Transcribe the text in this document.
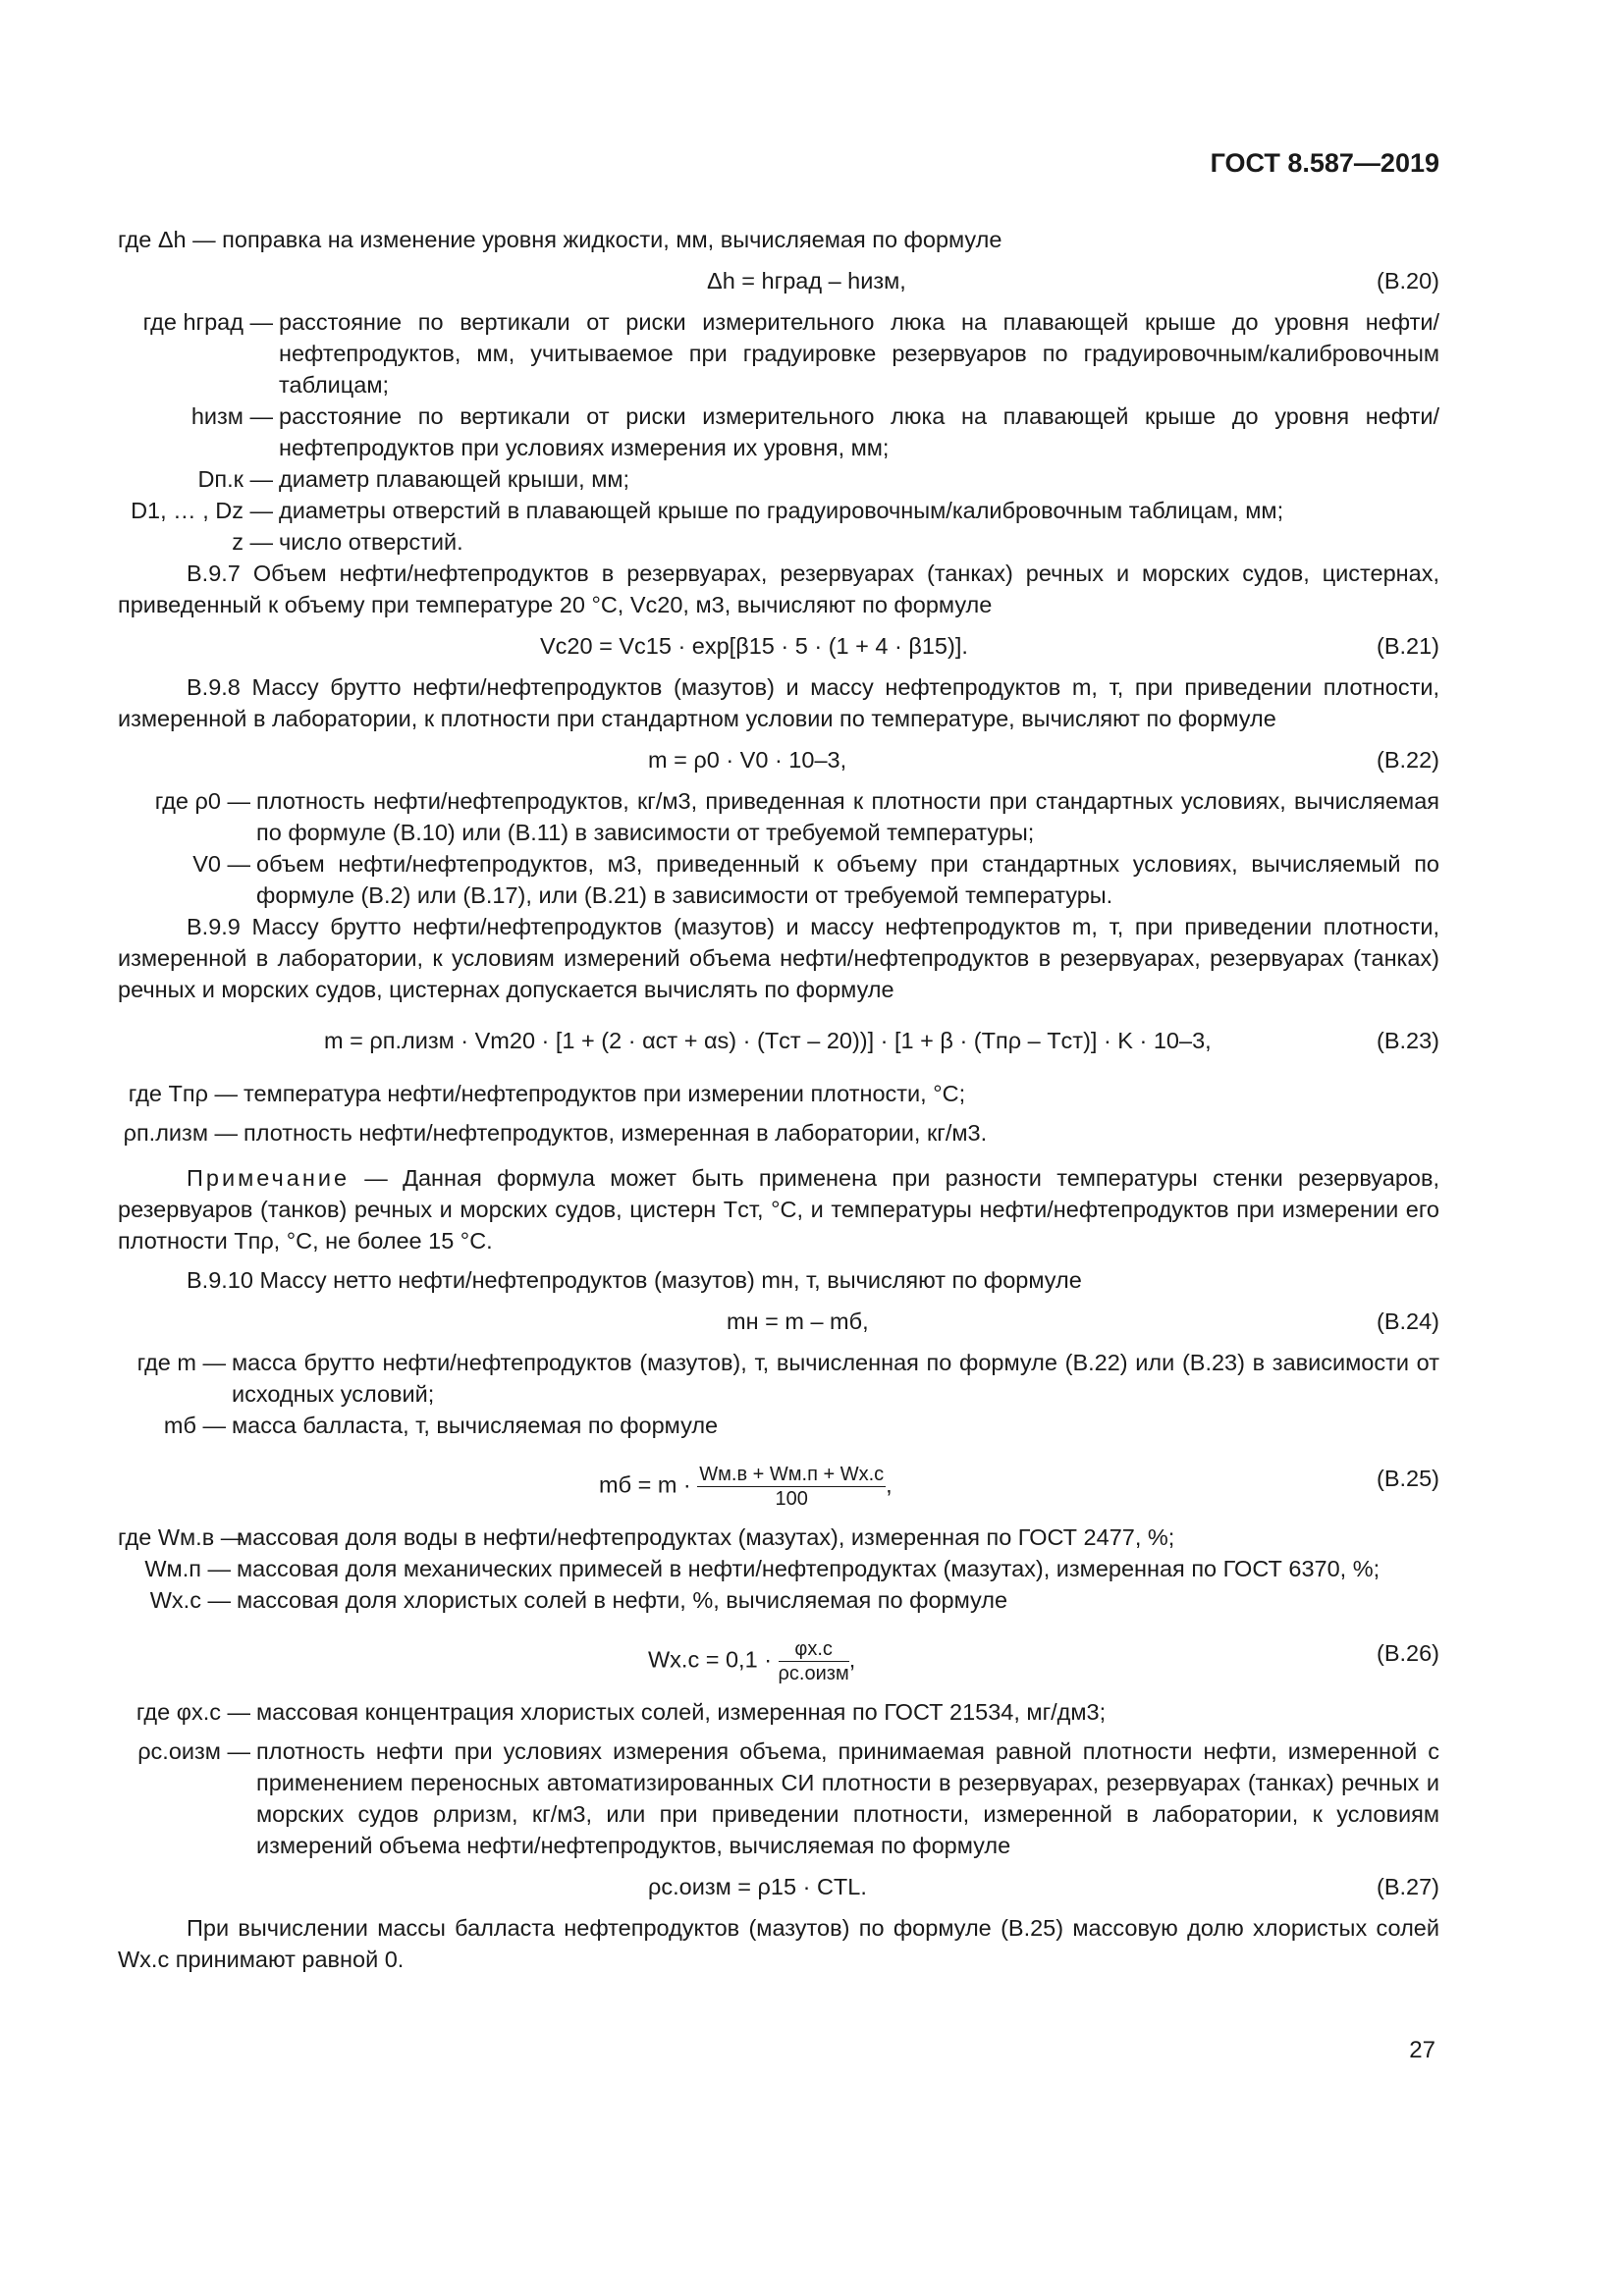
ГОСТ 8.587—2019

где Δh — поправка на изменение уровня жидкости, мм, вычисляемая по формуле

Δh = hград – hизм,	(В.20)
где hград — расстояние по вертикали от риски измерительного люка на плавающей крыше до уровня нефти/нефтепродуктов, мм, учитываемое при градуировке резервуаров по градуировочным/калибровочным таблицам;
hизм — расстояние по вертикали от риски измерительного люка на плавающей крыше до уровня нефти/нефтепродуктов при условиях измерения их уровня, мм;
Dп.к — диаметр плавающей крыши, мм;
D1, … , Dz — диаметры отверстий в плавающей крыше по градуировочным/калибровочным таблицам, мм;
z — число отверстий.

В.9.7 Объем нефти/нефтепродуктов в резервуарах, резервуарах (танках) речных и морских судов, цистернах, приведенный к объему при температуре 20 °C, Vс20, м3, вычисляют по формуле

Vс20 = Vс15 · exp[β15 · 5 · (1 + 4 · β15)].	(В.21)

В.9.8 Массу брутто нефти/нефтепродуктов (мазутов) и массу нефтепродуктов m, т, при приведении плотности, измеренной в лаборатории, к плотности при стандартном условии по температуре, вычисляют по формуле

m = ρ0 · V0 · 10–3,	(В.22)
где ρ0 — плотность нефти/нефтепродуктов, кг/м3, приведенная к плотности при стандартных условиях, вычисляемая по формуле (В.10) или (В.11) в зависимости от требуемой температуры;
V0 — объем нефти/нефтепродуктов, м3, приведенный к объему при стандартных условиях, вычисляемый по формуле (В.2) или (В.17), или (В.21) в зависимости от требуемой температуры.

В.9.9 Массу брутто нефти/нефтепродуктов (мазутов) и массу нефтепродуктов m, т, при приведении плотности, измеренной в лаборатории, к условиям измерений объема нефти/нефтепродуктов в резервуарах, резервуарах (танках) речных и морских судов, цистернах допускается вычислять по формуле

m = ρп.лизм · Vm20 · [1 + (2 · αст + αs) · (Tст – 20))] · [1 + β · (Tпρ – Tст)] · K · 10–3,	(В.23)
где Tпρ — температура нефти/нефтепродуктов при измерении плотности, °C;
ρп.лизм — плотность нефти/нефтепродуктов, измеренная в лаборатории, кг/м3.

Примечание — Данная формула может быть применена при разности температуры стенки резервуаров, резервуаров (танков) речных и морских судов, цистерн Tст, °C, и температуры нефти/нефтепродуктов при измерении его плотности Tпρ, °C, не более 15 °C.

В.9.10 Массу нетто нефти/нефтепродуктов (мазутов) mн, т, вычисляют по формуле

mн = m – mб,	(В.24)
где m — масса брутто нефти/нефтепродуктов (мазутов), т, вычисленная по формуле (В.22) или (В.23) в зависимости от исходных условий;
mб — масса балласта, т, вычисляемая по формуле
mб = $m \cdot \frac{Wм.в + Wм.п + Wх.с}{100}$ ,	(В.25)
где Wм.в —
массовая доля воды в нефти/нефтепродуктах (мазутах), измеренная по ГОСТ 2477, %;
Wм.п — массовая доля механических примесей в нефти/нефтепродуктах (мазутах), измеренная по ГОСТ 6370, %;
Wх.с — массовая доля хлористых солей в нефти, %, вычисляемая по формуле
$Wх.с = 0,1 \cdot \frac{\varphi х.с}{\text{ρс.оизм}}$ ,	(В.26)
где φх.с — массовая концентрация хлористых солей, измеренная по ГОСТ 21534, мг/дм3;
ρс.оизм — плотность нефти при условиях измерения объема, принимаемая равной плотности нефти, измеренной с применением переносных автоматизированных СИ плотности в резервуарах, резервуарах (танках) речных и морских судов ρлризм, кг/м3, или при приведении плотности, измеренной в лаборатории, к условиям измерений объема нефти/нефтепродуктов, вычисляемая по формуле
ρс.оизм = ρ15 · CTL.	(В.27)

При вычислении массы балласта нефтепродуктов (мазутов) по формуле (В.25) массовую долю хлористых солей Wх.с принимают равной 0.

27
